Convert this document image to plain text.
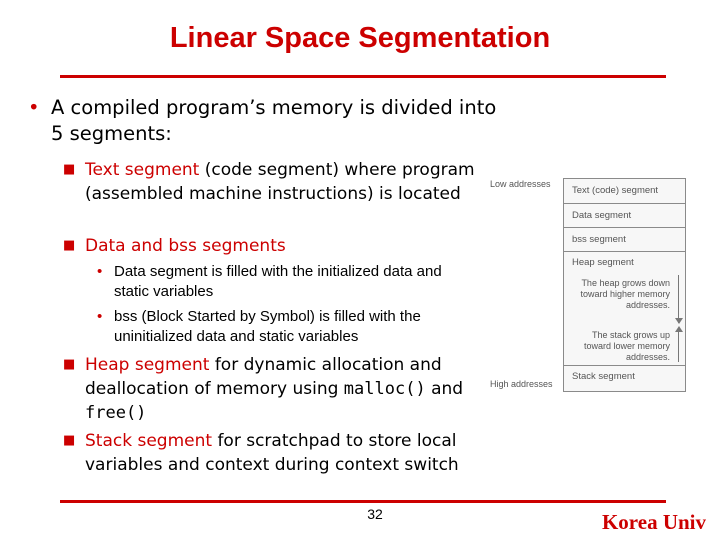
Linear Space Segmentation
• A compiled program’s memory is divided into 5 segments:
■ Text segment (code segment) where program (assembled machine instructions) is located
■ Data and bss segments
• Data segment is filled with the initialized data and static variables
• bss (Block Started by Symbol) is filled with the uninitialized data and static variables
■ Heap segment for dynamic allocation and deallocation of memory using malloc() and free()
■ Stack segment for scratchpad to store local variables and context during context switch
Low addresses
High addresses
Text (code) segment
Data segment
bss segment
Heap segment
Stack segment
The heap grows down toward higher memory addresses.
The stack grows up toward lower memory addresses.
32	Korea Univ
